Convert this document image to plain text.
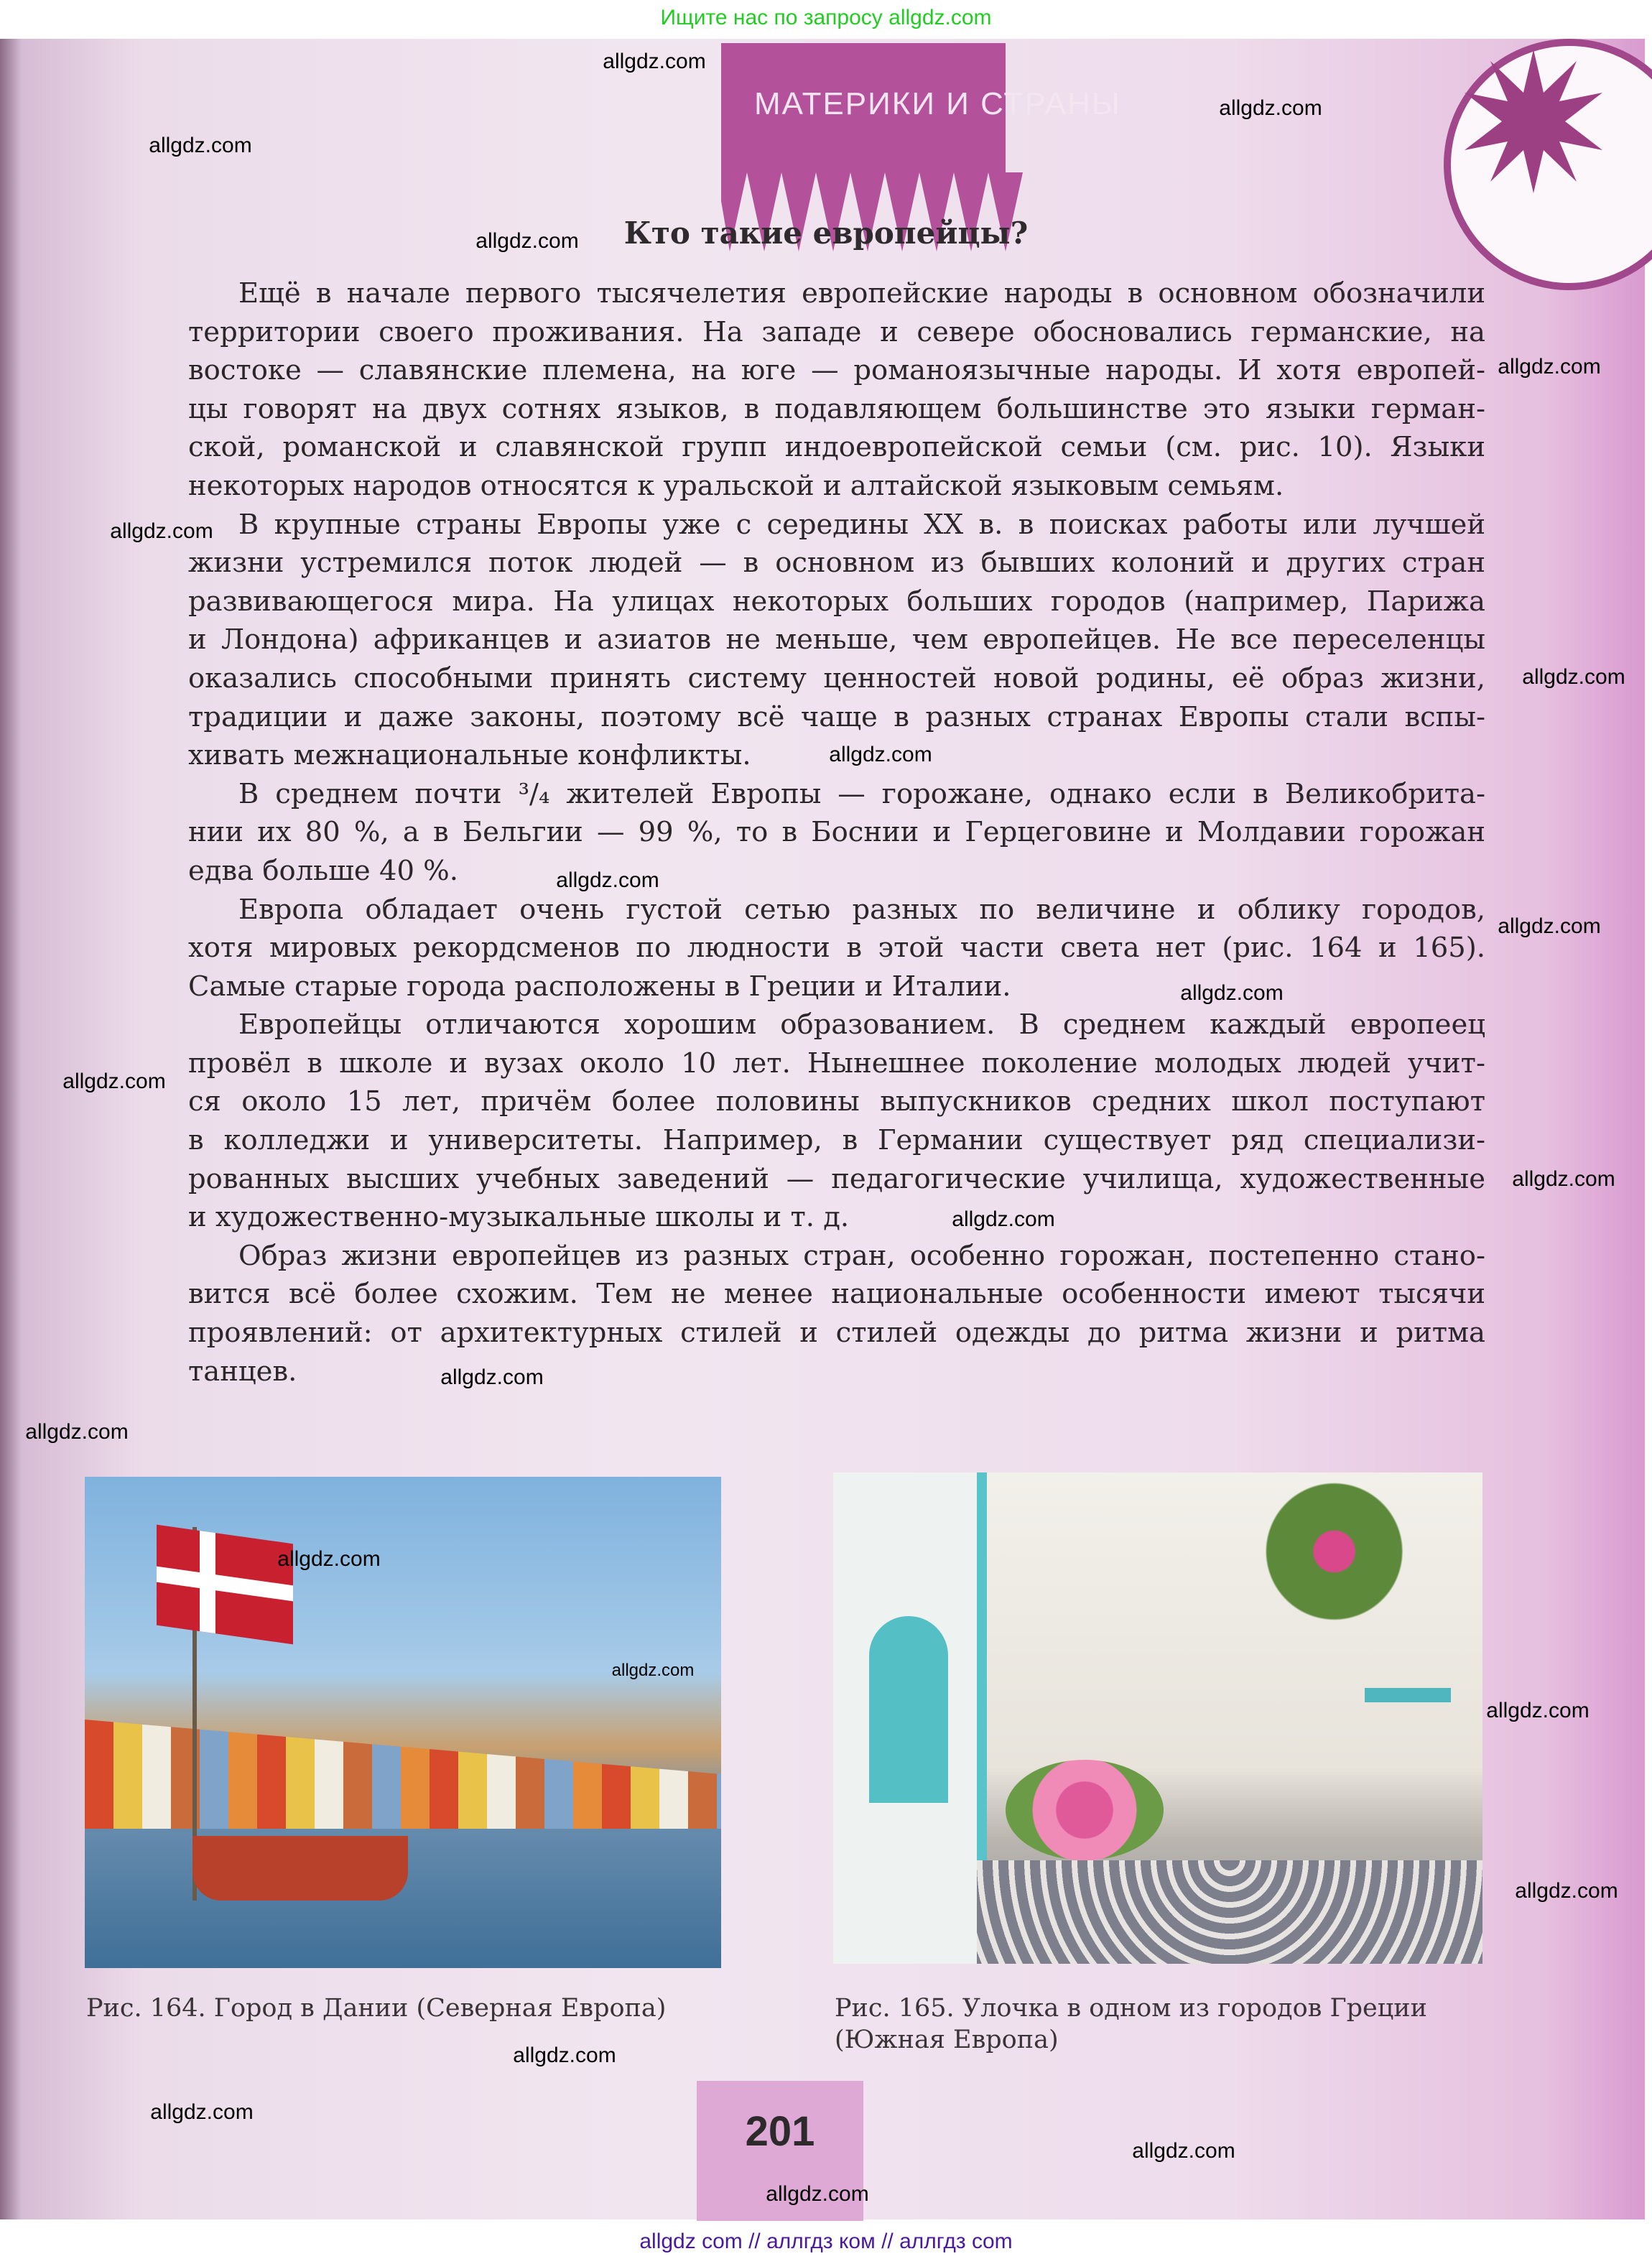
Ищите нас по запросу allgdz.com
МАТЕРИКИ И СТРАНЫ
Кто такие европейцы?
Ещё в начале первого тысячелетия европейские народы в основном обозначили
территории своего проживания. На западе и севере обосновались германские, на
востоке — славянские племена, на юге — романоязычные народы. И хотя европей-
цы говорят на двух сотнях языков, в подавляющем большинстве это языки герман-
ской, романской и славянской групп индоевропейской семьи (см. рис. 10). Языки
некоторых народов относятся к уральской и алтайской языковым семьям.
В крупные страны Европы уже с середины XX в. в поисках работы или лучшей
жизни устремился поток людей — в основном из бывших колоний и других стран
развивающегося мира. На улицах некоторых больших городов (например, Парижа
и Лондона) африканцев и азиатов не меньше, чем европейцев. Не все переселенцы
оказались способными принять систему ценностей новой родины, её образ жизни,
традиции и даже законы, поэтому всё чаще в разных странах Европы стали вспы-
хивать межнациональные конфликты.
В среднем почти ³/₄ жителей Европы — горожане, однако если в Великобрита-
нии их 80 %, а в Бельгии — 99 %, то в Боснии и Герцеговине и Молдавии горожан
едва больше 40 %.
Европа обладает очень густой сетью разных по величине и облику городов,
хотя мировых рекордсменов по людности в этой части света нет (рис. 164 и 165).
Самые старые города расположены в Греции и Италии.
Европейцы отличаются хорошим образованием. В среднем каждый европеец
провёл в школе и вузах около 10 лет. Нынешнее поколение молодых людей учит-
ся около 15 лет, причём более половины выпускников средних школ поступают
в колледжи и университеты. Например, в Германии существует ряд специализи-
рованных высших учебных заведений — педагогические училища, художественные
и художественно-музыкальные школы и т. д.
Образ жизни европейцев из разных стран, особенно горожан, постепенно стано-
вится всё более схожим. Тем не менее национальные особенности имеют тысячи
проявлений: от архитектурных стилей и стилей одежды до ритма жизни и ритма
танцев.
Рис. 164. Город в Дании (Северная Европа)	Рис. 165. Улочка в одном из городов Греции
(Южная Европа)
201
allgdz.com
allgdz.com
allgdz.com
allgdz.com
allgdz.com
allgdz.com
allgdz.com
allgdz.com
allgdz.com
allgdz.com
allgdz.com
allgdz.com
allgdz.com
allgdz.com
allgdz.com
allgdz.com
allgdz.com
allgdz.com
allgdz.com
allgdz.com
allgdz.com
allgdz.com
allgdz.com
allgdz.com
allgdz com // аллгдз ком // аллгдз com
